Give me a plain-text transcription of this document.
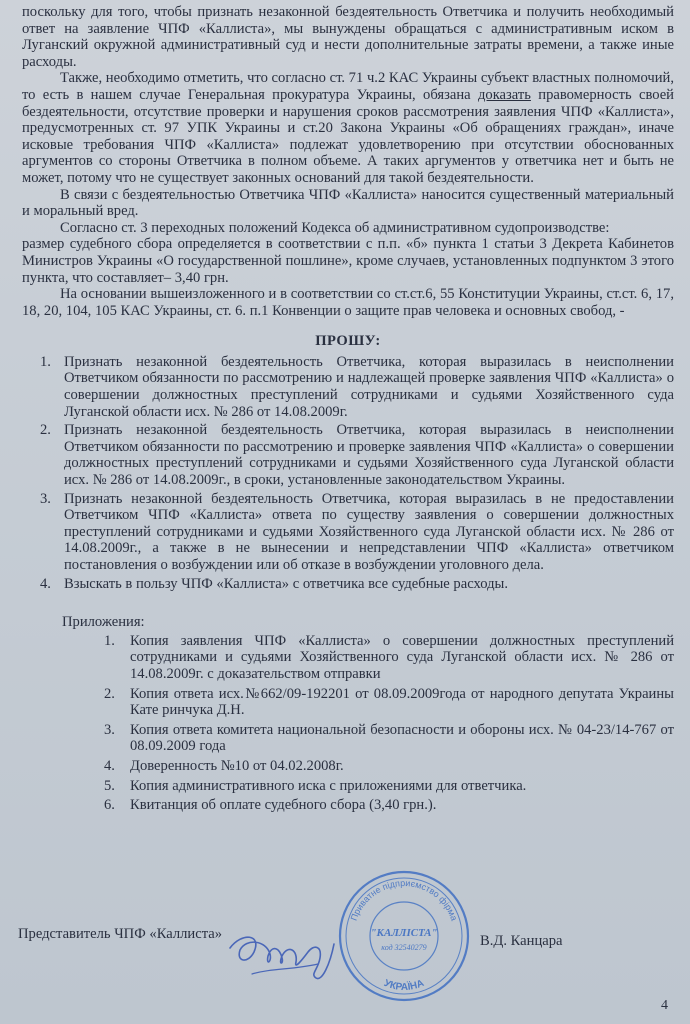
поскольку для того, чтобы признать незаконной бездеятельность Ответчика и получить необходимый ответ на заявление ЧПФ «Каллиста», мы вынуждены обращаться с административным иском в Луганский окружной административный суд и нести дополнительные затраты времени, а также иные расходы.

Также, необходимо отметить, что согласно ст. 71 ч.2 КАС Украины субъект властных полномочий, то есть в нашем случае Генеральная прокуратура Украины, обязана доказать правомерность своей бездеятельности, отсутствие проверки и нарушения сроков рассмотрения заявления ЧПФ «Каллиста», предусмотренных ст. 97 УПК Украины и ст.20 Закона Украины «Об обращениях граждан», иначе исковые требования ЧПФ «Каллиста» подлежат удовлетворению при отсутствии обоснованных аргументов со стороны Ответчика в полном объеме. А таких аргументов у ответчика нет и быть не может, потому что не существует законных оснований для такой бездеятельности.

В связи с бездеятельностью Ответчика ЧПФ «Каллиста» наносится существенный материальный и моральный вред.

Согласно ст. 3 переходных положений Кодекса об административном судопроизводстве:

размер судебного сбора определяется в соответствии с п.п. «б» пункта 1 статьи 3 Декрета Кабинетов Министров Украины «О государственной пошлине», кроме случаев, установленных подпунктом 3 этого пункта, что составляет– 3,40 грн.

На основании вышеизложенного и в соответствии со ст.ст.6, 55 Конституции Украины, ст.ст. 6, 17, 18, 20, 104, 105 КАС Украины, ст. 6. п.1 Конвенции о защите прав человека и основных свобод, -

ПРОШУ:
1. Признать незаконной бездеятельность Ответчика, которая выразилась в неисполнении Ответчиком обязанности по рассмотрению и надлежащей проверке заявления ЧПФ «Каллиста» о совершении должностных преступлений сотрудниками и судьями Хозяйственного суда Луганской области исх. № 286 от 14.08.2009г.
2. Признать незаконной бездеятельность Ответчика, которая выразилась в неисполнении Ответчиком обязанности по рассмотрению и проверке заявления ЧПФ «Каллиста» о совершении должностных преступлений сотрудниками и судьями Хозяйственного суда Луганской области исх. № 286 от 14.08.2009г., в сроки, установленные законодательством Украины.
3. Признать незаконной бездеятельность Ответчика, которая выразилась в не предоставлении Ответчиком ЧПФ «Каллиста» ответа по существу заявления о совершении должностных преступлений сотрудниками и судьями Хозяйственного суда Луганской области исх. № 286 от 14.08.2009г., а также в не вынесении и непредставлении ЧПФ «Каллиста» ответчиком постановления о возбуждении или об отказе в возбуждении уголовного дела.
4. Взыскать в пользу ЧПФ «Каллиста» с ответчика все судебные расходы.
Приложения:
1. Копия заявления ЧПФ «Каллиста» о совершении должностных преступлений сотрудниками и судьями Хозяйственного суда Луганской области исх. № 286 от 14.08.2009г. с доказательством отправки
2. Копия ответа исх.№662/09-192201 от 08.09.2009года от народного депутата Украины Кате ринчука Д.Н.
3. Копия ответа комитета национальной безопасности и обороны исх. № 04-23/14-767 от 08.09.2009 года
4. Доверенность №10 от 04.02.2008г.
5. Копия административного иска с приложениями для ответчика.
6. Квитанция об оплате судебного сбора (3,40 грн.).
Представитель ЧПФ «Каллиста»	В.Д. Канцара
Приватне підприємство фірма
УКРАЇНА
"КАЛЛІСТА"
код 32540279
4
